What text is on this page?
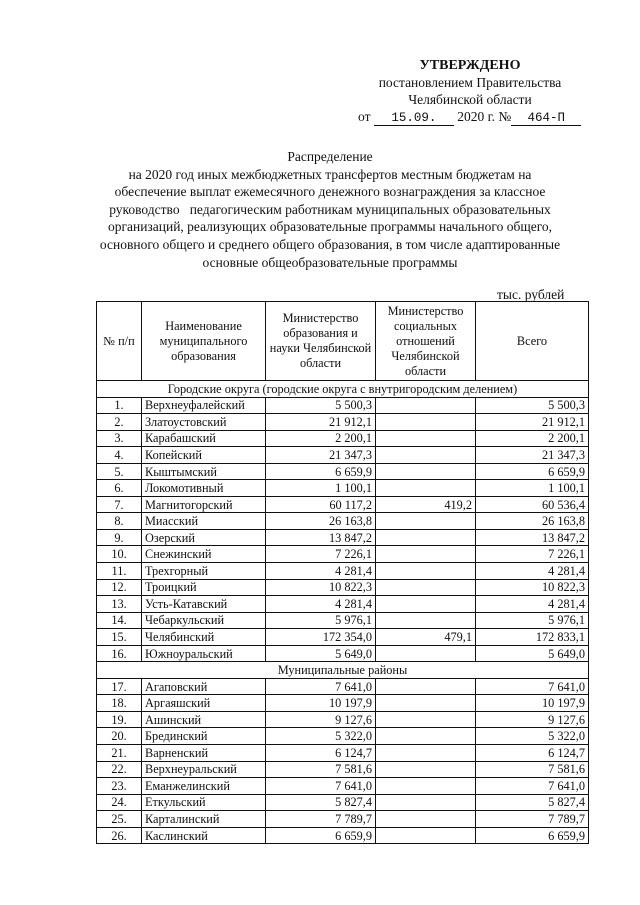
УТВЕРЖДЕНО
постановлением Правительства
Челябинской области
от 15.09. 2020 г. № 464-П
Распределение
на 2020 год иных межбюджетных трансфертов местным бюджетам на
обеспечение выплат ежемесячного денежного вознаграждения за классное
руководство   педагогическим работникам муниципальных образовательных
организаций, реализующих образовательные программы начального общего,
основного общего и среднего общего образования, в том числе адаптированные
основные общеобразовательные программы
тыс. рублей
№ п/п	Наименование муниципального образования	Министерство образования и науки Челябинской области	Министерство социальных отношений Челябинской области	Всего
Городские округа (городские округа с внутригородским делением)				
1.	Верхнеуфалейский	5 500,3		5 500,3
2.	Златоустовский	21 912,1		21 912,1
3.	Карабашский	2 200,1		2 200,1
4.	Копейский	21 347,3		21 347,3
5.	Кыштымский	6 659,9		6 659,9
6.	Локомотивный	1 100,1		1 100,1
7.	Магнитогорский	60 117,2	419,2	60 536,4
8.	Миасский	26 163,8		26 163,8
9.	Озерский	13 847,2		13 847,2
10.	Снежинский	7 226,1		7 226,1
11.	Трехгорный	4 281,4		4 281,4
12.	Троицкий	10 822,3		10 822,3
13.	Усть-Катавский	4 281,4		4 281,4
14.	Чебаркульский	5 976,1		5 976,1
15.	Челябинский	172 354,0	479,1	172 833,1
16.	Южноуральский	5 649,0		5 649,0
Муниципальные районы				
17.	Агаповский	7 641,0		7 641,0
18.	Аргаяшский	10 197,9		10 197,9
19.	Ашинский	9 127,6		9 127,6
20.	Брединский	5 322,0		5 322,0
21.	Варненский	6 124,7		6 124,7
22.	Верхнеуральский	7 581,6		7 581,6
23.	Еманжелинский	7 641,0		7 641,0
24.	Еткульский	5 827,4		5 827,4
25.	Карталинский	7 789,7		7 789,7
26.	Каслинский	6 659,9		6 659,9
